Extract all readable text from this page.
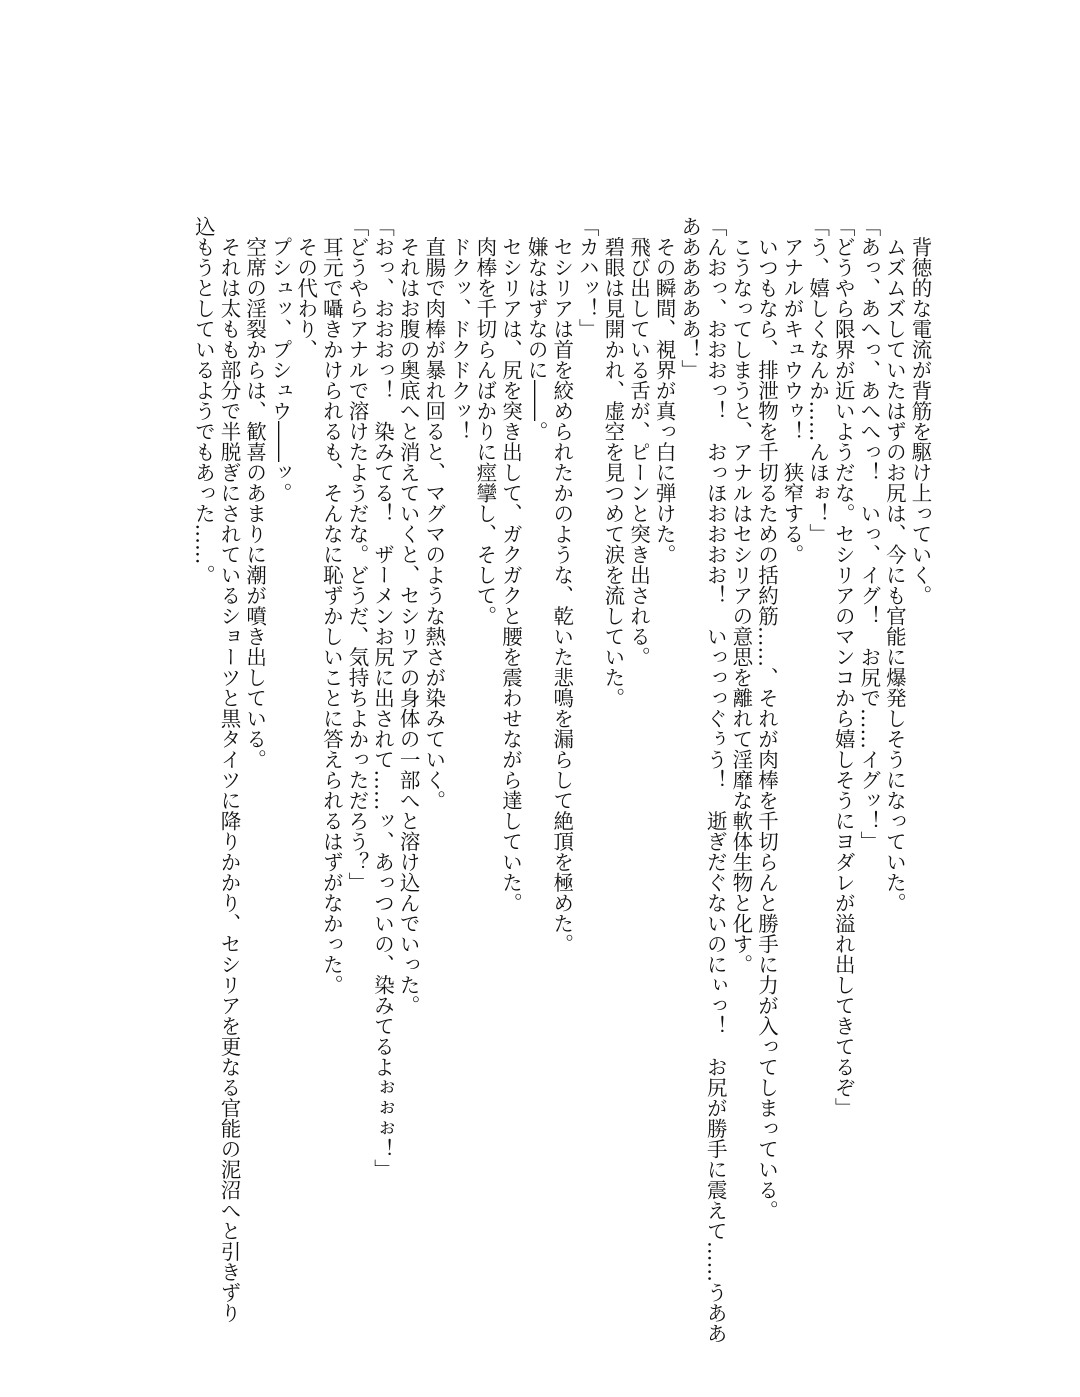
　背徳的な電流が背筋を駆け上っていく。
　ムズムズしていたはずのお尻は、今にも官能に爆発しそうになっていた。
「あっ、あへっ、あへへっ！　いっ、イグ！　お尻で……イグッ！」
「どうやら限界が近いようだな。セシリアのマンコから嬉しそうにヨダレが溢れ出してきてるぞ」
「う、嬉しくなんか……んほぉ！」
　アナルがキュウウゥ！　狭窄する。
　いつもなら、排泄物を千切るための括約筋……、それが肉棒を千切らんと勝手に力が入ってしまっている。
　こうなってしまうと、アナルはセシリアの意思を離れて淫靡な軟体生物と化す。
「んおっ、おおおっ！　おっほおおおお！　いっっっぐぅう！　逝ぎだぐないのにぃっ！　お尻が勝手に震えて……うああ
ああああああ！」
　その瞬間、視界が真っ白に弾けた。
　飛び出している舌が、ピーンと突き出される。
　碧眼は見開かれ、虚空を見つめて涙を流していた。
「カハッ！」
　セシリアは首を絞められたかのような、乾いた悲鳴を漏らして絶頂を極めた。
　嫌なはずなのに――。
　セシリアは、尻を突き出して、ガクガクと腰を震わせながら達していた。
　肉棒を千切らんばかりに痙攣し、そして。
　ドクッ、ドクドクッ！
　直腸で肉棒が暴れ回ると、マグマのような熱さが染みていく。
　それはお腹の奥底へと消えていくと、セシリアの身体の一部へと溶け込んでいった。
「おっ、おおおっ！　染みてる！　ザーメンお尻に出されて……ッ、あっついの、染みてるよぉぉぉ！」
「どうやらアナルで溶けたようだな。どうだ、気持ちよかっただろう？」
　耳元で囁きかけられるも、そんなに恥ずかしいことに答えられるはずがなかった。
　その代わり、
　プシュッ、プシュウ――ッ。
　空席の淫裂からは、歓喜のあまりに潮が噴き出している。
　それは太もも部分で半脱ぎにされているショーツと黒タイツに降りかかり、セシリアを更なる官能の泥沼へと引きずり
込もうとしているようでもあった……。
